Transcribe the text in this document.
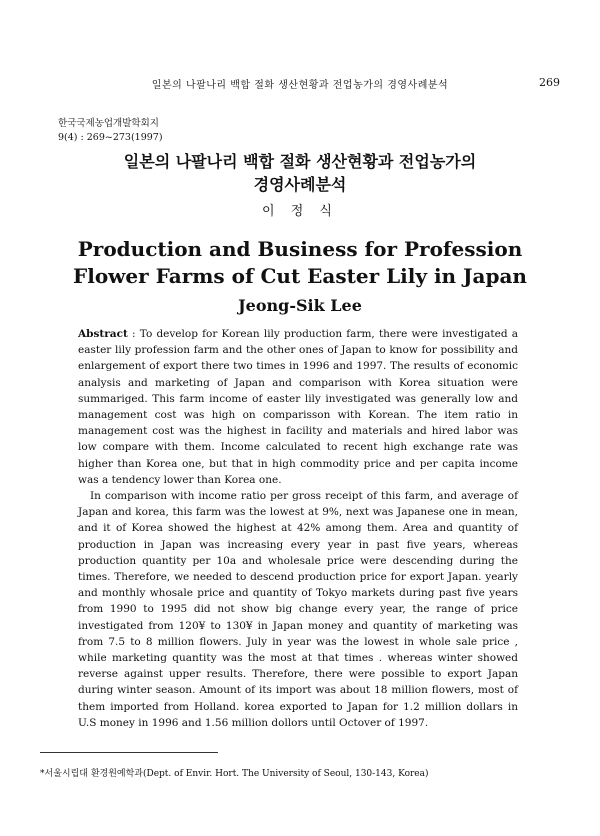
일본의 나팔나리 백합 절화 생산현황과 전업농가의 경영사례분석	269
한국국제농업개발학회지
9(4) : 269~273(1997)
일본의 나팔나리 백합 절화 생산현황과 전업농가의
경영사례분석
이 정 식
Production and Business for Profession
Flower Farms of Cut Easter Lily in Japan
Jeong-Sik Lee

Abstract : To develop for Korean lily production farm, there were investigated a easter lily profession farm and the other ones of Japan to know for possibility and enlargement of export there two times in 1996 and 1997. The results of economic analysis and marketing of Japan and comparison with Korea situation were summariged. This farm income of easter lily investigated was generally low and management cost was high on comparisson with Korean. The item ratio in management cost was the highest in facility and materials and hired labor was low compare with them. Income calculated to recent high exchange rate was higher than Korea one, but that in high commodity price and per capita income was a tendency lower than Korea one.

In comparison with income ratio per gross receipt of this farm, and average of Japan and korea, this farm was the lowest at 9%, next was Japanese one in mean, and it of Korea showed the highest at 42% among them. Area and quantity of production in Japan was increasing every year in past five years, whereas production quantity per 10a and wholesale price were descending during the times. Therefore, we needed to descend production price for export Japan. yearly and monthly whosale price and quantity of Tokyo markets during past five years from 1990 to 1995 did not show big change every year, the range of price investigated from 120¥ to 130¥ in Japan money and quantity of marketing was from 7.5 to 8 million flowers. July in year was the lowest in whole sale price , while marketing quantity was the most at that times . whereas winter showed reverse against upper results. Therefore, there were possible to export Japan during winter season. Amount of its import was about 18 million flowers, most of them imported from Holland. korea exported to Japan for 1.2 million dollars in U.S money in 1996 and 1.56 million dollors until Octover of 1997.

*서울시립대 환경원예학과(Dept. of Envir. Hort. The University of Seoul, 130-143, Korea)
